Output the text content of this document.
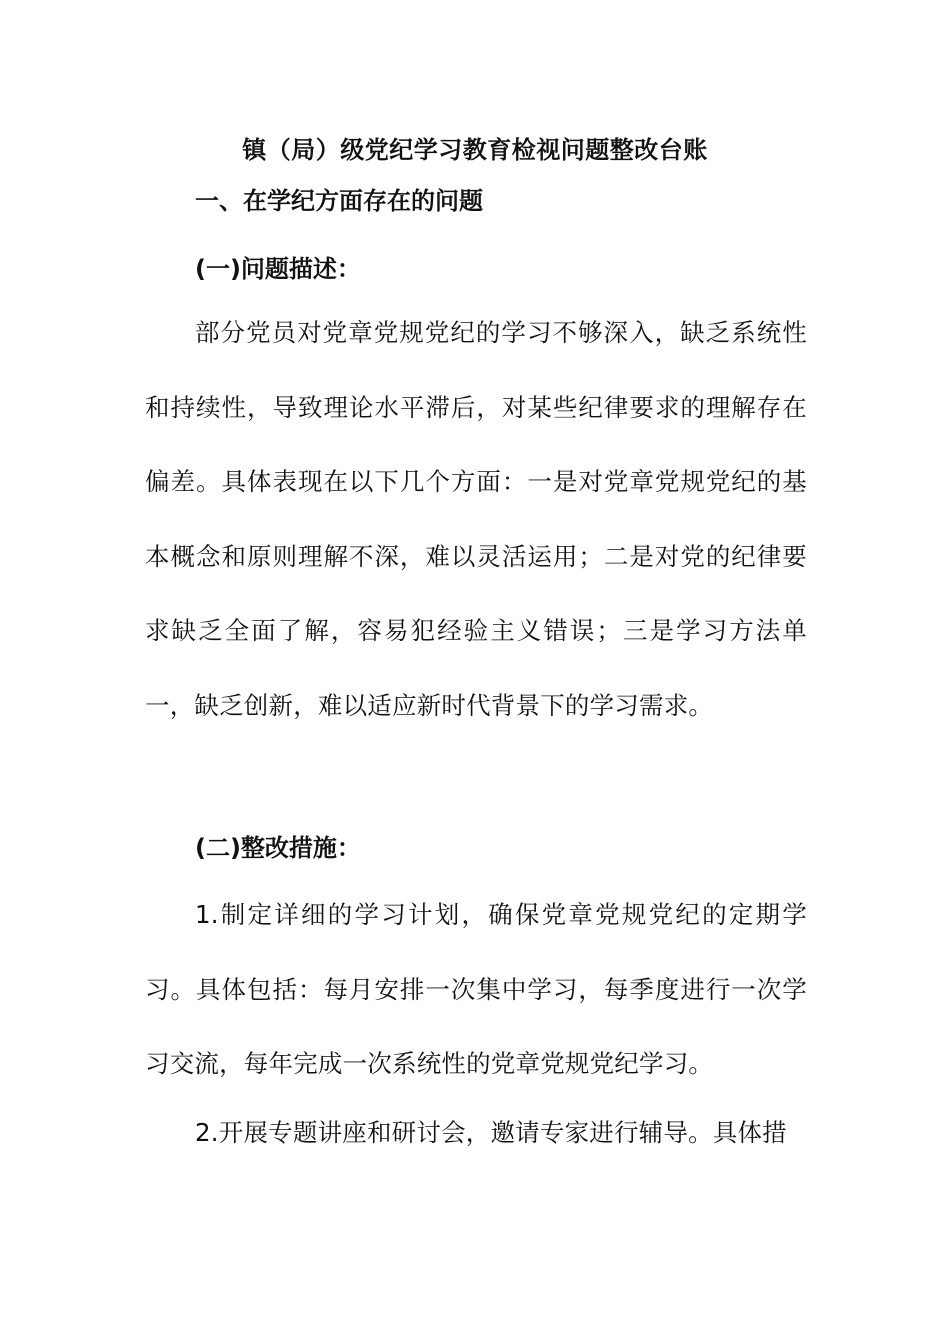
镇（局）级党纪学习教育检视问题整改台账
一、在学纪方面存在的问题
(一)问题描述：

部分党员对党章党规党纪的学习不够深入，缺乏系统性和持续性，导致理论水平滞后，对某些纪律要求的理解存在偏差。具体表现在以下几个方面：一是对党章党规党纪的基本概念和原则理解不深，难以灵活运用；二是对党的纪律要求缺乏全面了解，容易犯经验主义错误；三是学习方法单一，缺乏创新，难以适应新时代背景下的学习需求。

(二)整改措施：

1.制定详细的学习计划，确保党章党规党纪的定期学习。具体包括：每月安排一次集中学习，每季度进行一次学习交流，每年完成一次系统性的党章党规党纪学习。

2.开展专题讲座和研讨会，邀请专家进行辅导。具体措
